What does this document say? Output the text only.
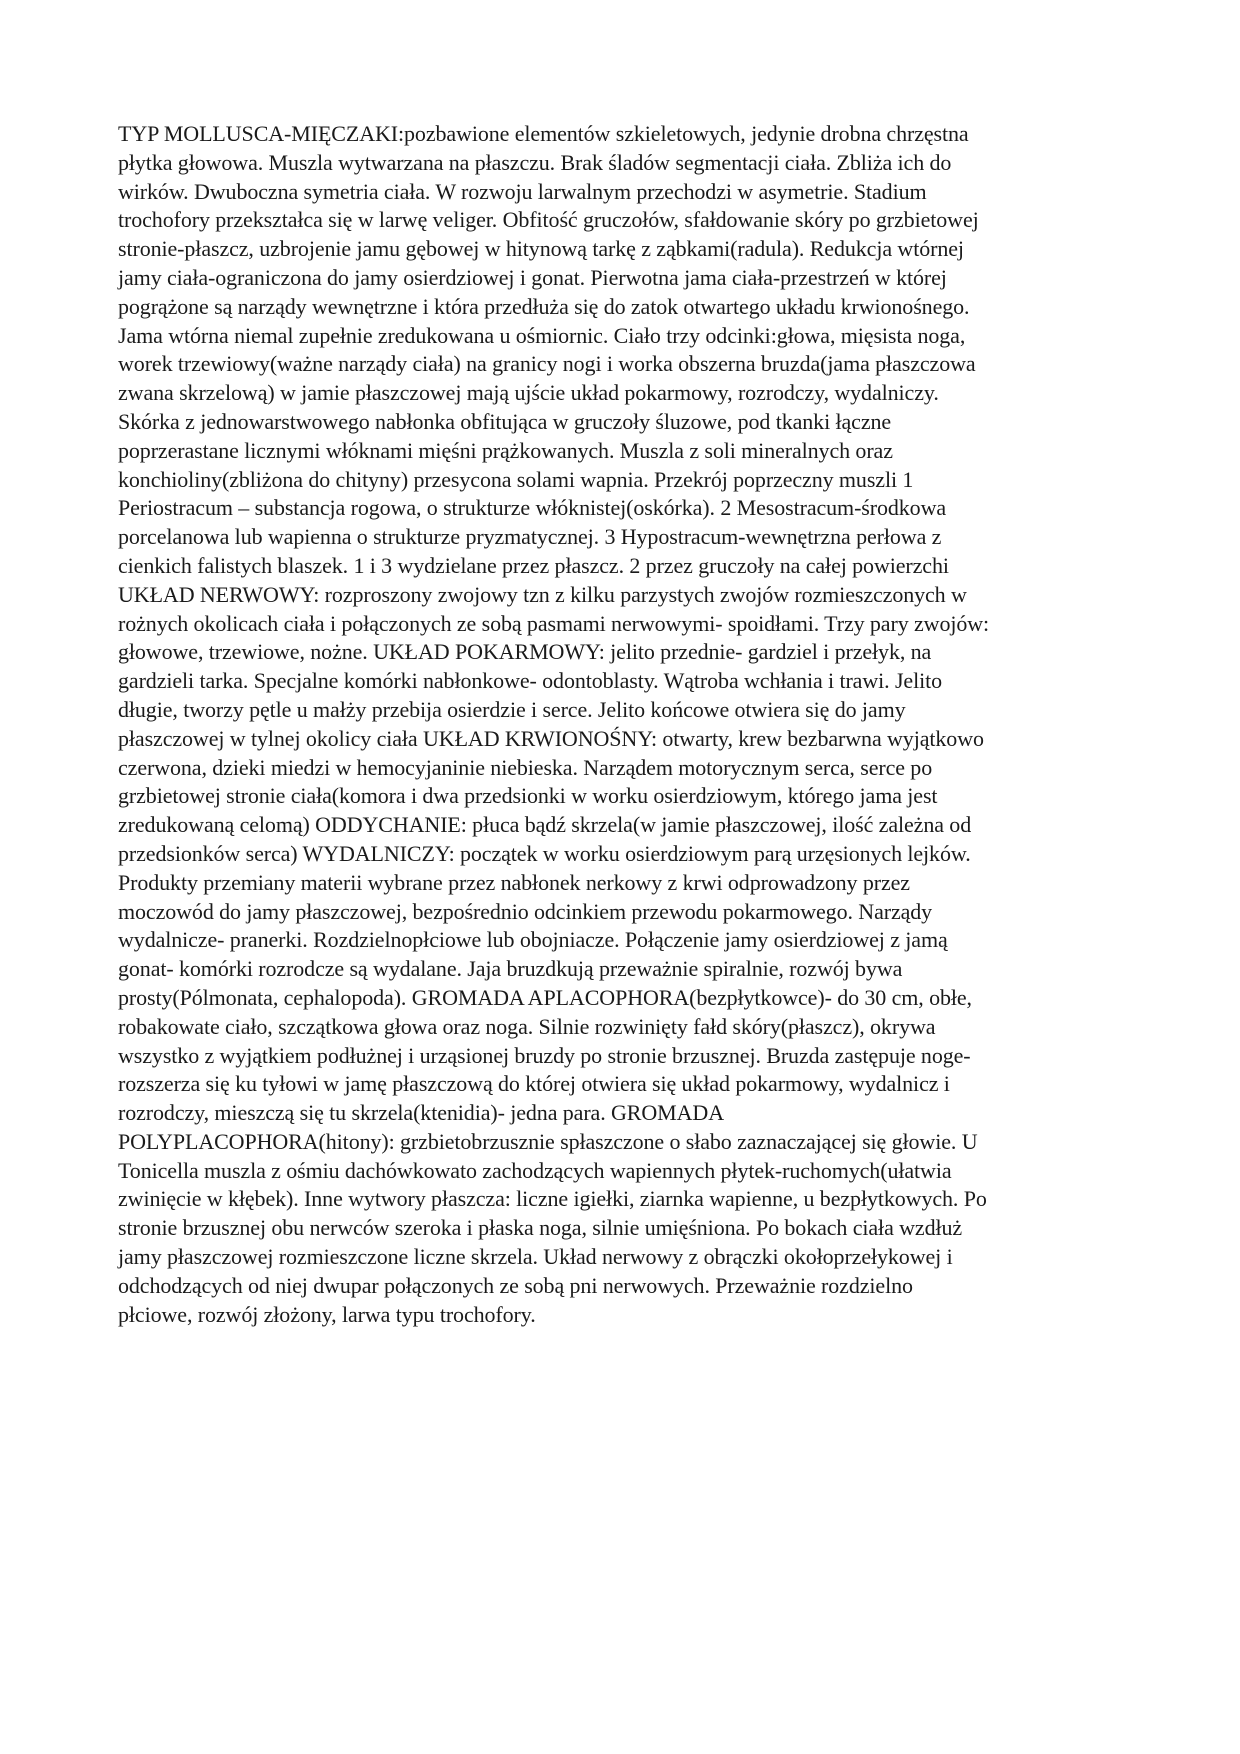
TYP MOLLUSCA-MIĘCZAKI:pozbawione elementów szkieletowych, jedynie drobna chrzęstna
płytka głowowa. Muszla wytwarzana na płaszczu. Brak śladów segmentacji ciała. Zbliża ich do
wirków. Dwuboczna symetria ciała. W rozwoju larwalnym przechodzi w asymetrie. Stadium
trochofory przekształca się w larwę veliger. Obfitość gruczołów, sfałdowanie skóry po grzbietowej
stronie-płaszcz, uzbrojenie jamu gębowej w hitynową tarkę z ząbkami(radula). Redukcja wtórnej
jamy ciała-ograniczona do jamy osierdziowej i gonat. Pierwotna jama ciała-przestrzeń w której
pogrążone są narządy wewnętrzne i która przedłuża się do zatok otwartego układu krwionośnego.
Jama wtórna niemal zupełnie zredukowana u ośmiornic. Ciało trzy odcinki:głowa, mięsista noga,
worek trzewiowy(ważne narządy ciała) na granicy nogi i worka obszerna bruzda(jama płaszczowa
zwana skrzelową) w jamie płaszczowej mają ujście układ pokarmowy, rozrodczy, wydalniczy.
Skórka z jednowarstwowego nabłonka obfitująca w gruczoły śluzowe, pod tkanki łączne
poprzerastane licznymi włóknami mięśni prążkowanych. Muszla z soli mineralnych oraz
konchioliny(zbliżona do chityny) przesycona solami wapnia. Przekrój poprzeczny muszli 1
Periostracum – substancja rogowa, o strukturze włóknistej(oskórka). 2 Mesostracum-środkowa
porcelanowa lub wapienna o strukturze pryzmatycznej. 3 Hypostracum-wewnętrzna perłowa z
cienkich falistych blaszek. 1 i 3 wydzielane przez płaszcz. 2 przez gruczoły na całej powierzchi
UKŁAD NERWOWY: rozproszony zwojowy tzn z kilku parzystych zwojów rozmieszczonych w
rożnych okolicach ciała i połączonych ze sobą pasmami nerwowymi- spoidłami. Trzy pary zwojów:
głowowe, trzewiowe, nożne. UKŁAD POKARMOWY: jelito przednie- gardziel i przełyk, na
gardzieli tarka. Specjalne komórki nabłonkowe- odontoblasty. Wątroba wchłania i trawi. Jelito
długie, tworzy pętle u małży przebija osierdzie i serce. Jelito końcowe otwiera się do jamy
płaszczowej w tylnej okolicy ciała UKŁAD KRWIONOŚNY: otwarty, krew bezbarwna wyjątkowo
czerwona, dzieki miedzi w hemocyjaninie niebieska. Narządem motorycznym serca, serce po
grzbietowej stronie ciała(komora i dwa przedsionki w worku osierdziowym, którego jama jest
zredukowaną celomą) ODDYCHANIE: płuca bądź skrzela(w jamie płaszczowej, ilość zależna od
przedsionków serca) WYDALNICZY: początek w worku osierdziowym parą urzęsionych lejków.
Produkty przemiany materii wybrane przez nabłonek nerkowy z krwi odprowadzony przez
moczowód do jamy płaszczowej, bezpośrednio odcinkiem przewodu pokarmowego. Narządy
wydalnicze- pranerki. Rozdzielnopłciowe lub obojniacze. Połączenie jamy osierdziowej z jamą
gonat- komórki rozrodcze są wydalane. Jaja bruzdkują przeważnie spiralnie, rozwój bywa
prosty(Pólmonata, cephalopoda). GROMADA APLACOPHORA(bezpłytkowce)- do 30 cm, obłe,
robakowate ciało, szczątkowa głowa oraz noga. Silnie rozwinięty fałd skóry(płaszcz), okrywa
wszystko z wyjątkiem podłużnej i urząsionej bruzdy po stronie brzusznej. Bruzda zastępuje noge-
rozszerza się ku tyłowi w jamę płaszczową do której otwiera się układ pokarmowy, wydalnicz i
rozrodczy, mieszczą się tu skrzela(ktenidia)- jedna para. GROMADA
POLYPLACOPHORA(hitony): grzbietobrzusznie spłaszczone o słabo zaznaczającej się głowie. U
Tonicella muszla z ośmiu dachówkowato zachodzących wapiennych płytek-ruchomych(ułatwia
zwinięcie w kłębek). Inne wytwory płaszcza: liczne igiełki, ziarnka wapienne, u bezpłytkowych. Po
stronie brzusznej obu nerwców szeroka i płaska noga, silnie umięśniona. Po bokach ciała wzdłuż
jamy płaszczowej rozmieszczone liczne skrzela. Układ nerwowy z obrączki okołoprzełykowej i
odchodzących od niej dwupar połączonych ze sobą pni nerwowych. Przeważnie rozdzielno
płciowe, rozwój złożony, larwa typu trochofory.
